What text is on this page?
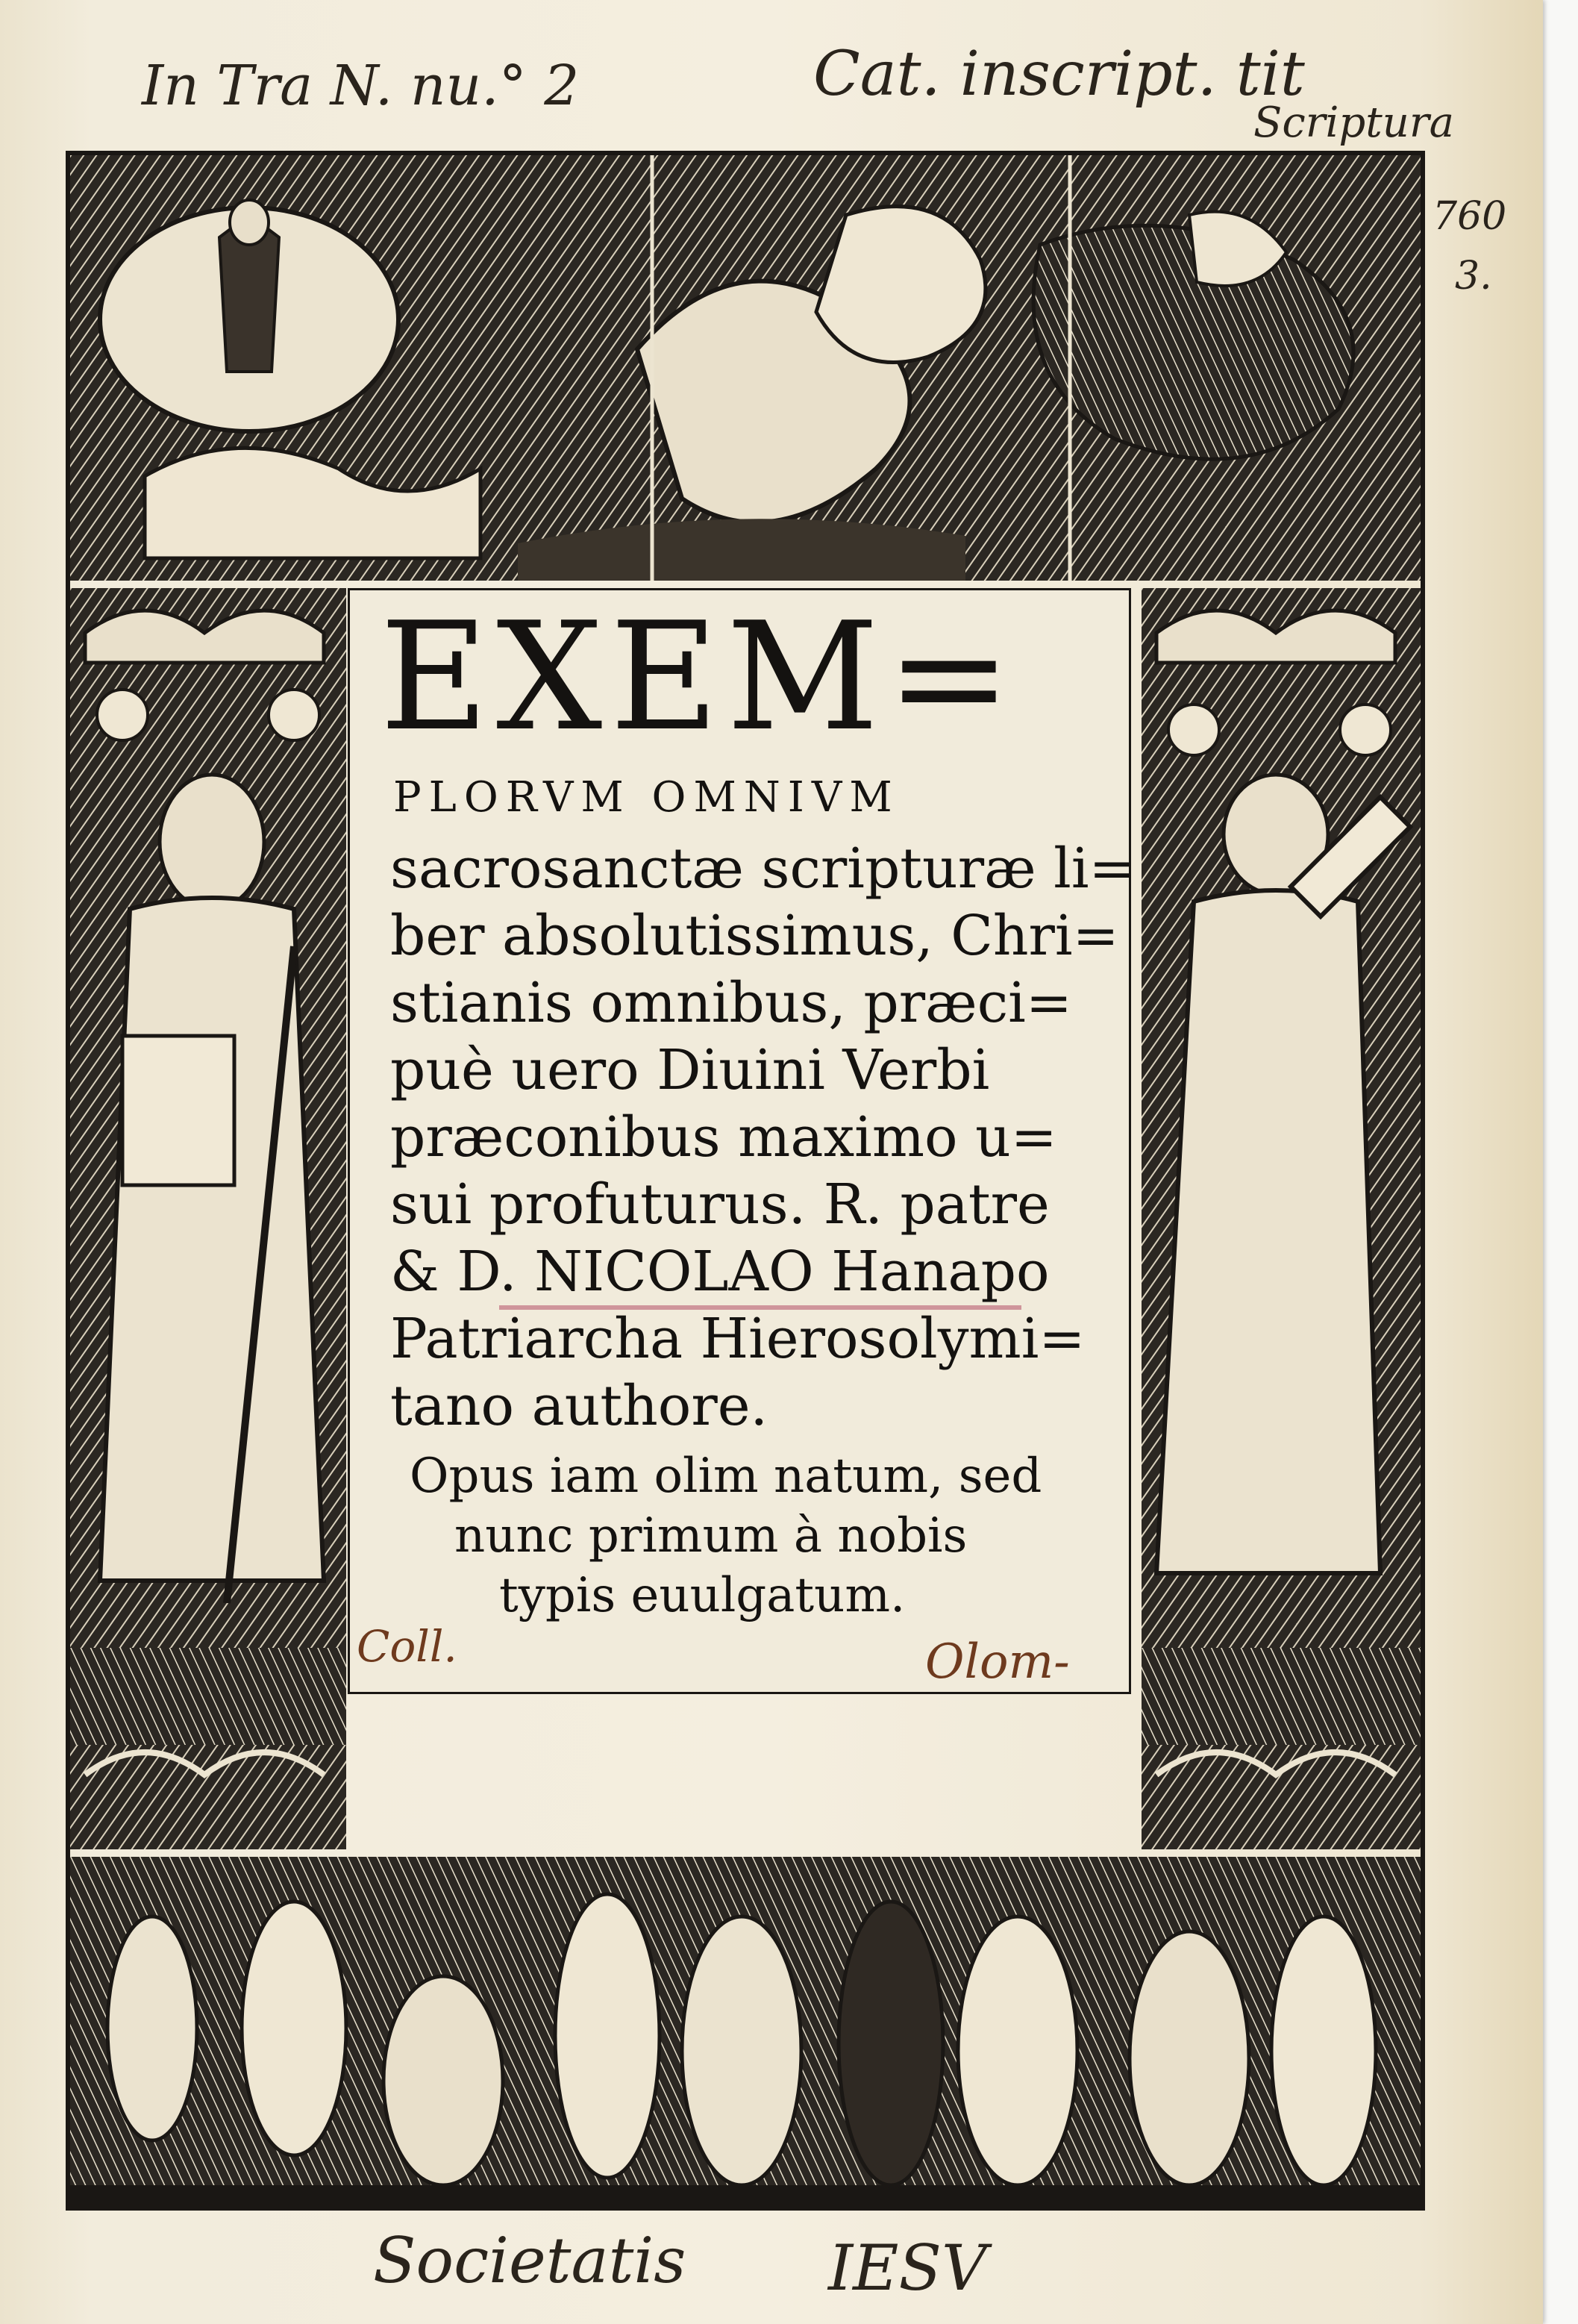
In Tra N. nu.° 2	Cat. inscript. tit
Scriptura
760
3.
EXEM=
PLORVM OMNIVM
sacrosanctæ scripturæ li=
ber absolutissimus, Chri=
stianis omnibus, præci=
puè uero Diuini Verbi
præconibus maximo u=
sui profuturus. R. patre
& D. NICOLAO Hanapo
Patriarcha Hierosolymi=
tano authore.
Opus iam olim natum, sed
nunc primum à nobis
typis euulgatum.
Coll.	Olom-
Societatis IESV
